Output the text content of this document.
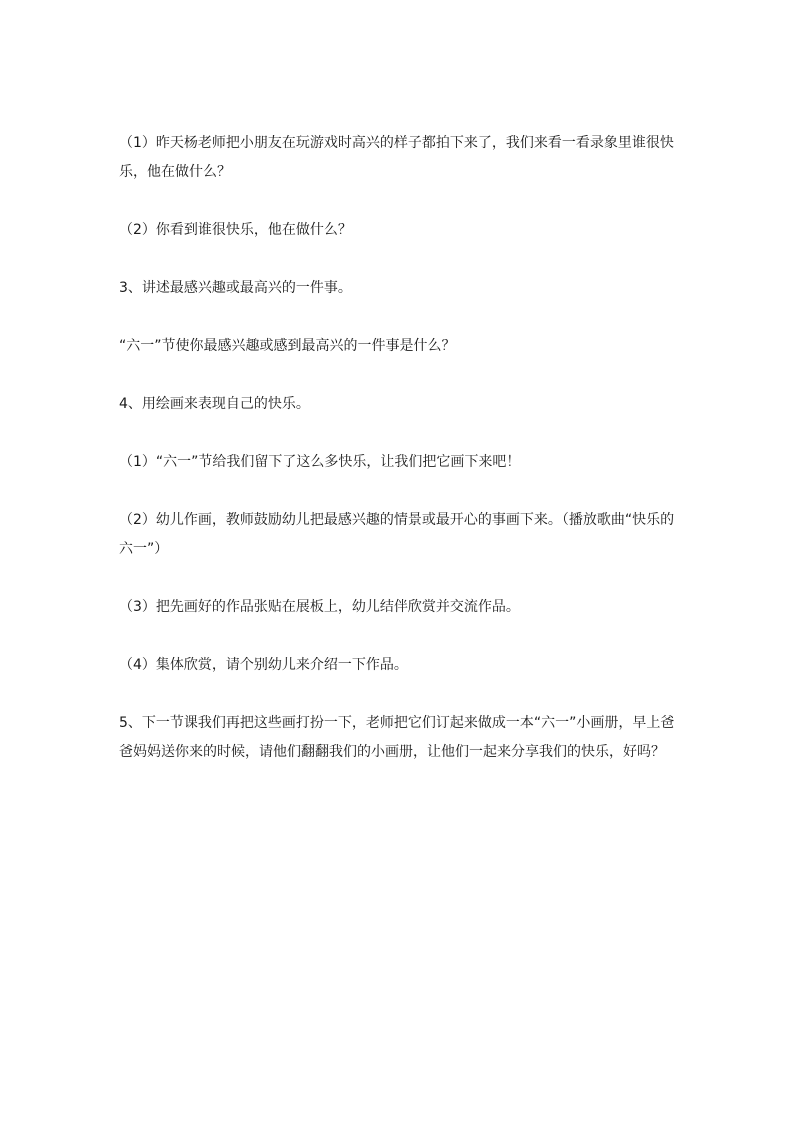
（1）昨天杨老师把小朋友在玩游戏时高兴的样子都拍下来了，我们来看一看录象里谁很快乐，他在做什么？

（2）你看到谁很快乐，他在做什么？

3、讲述最感兴趣或最高兴的一件事。

“六一”节使你最感兴趣或感到最高兴的一件事是什么？

4、用绘画来表现自己的快乐。

（1）“六一”节给我们留下了这么多快乐，让我们把它画下来吧！

（2）幼儿作画，教师鼓励幼儿把最感兴趣的情景或最开心的事画下来。（播放歌曲“快乐的六一”）

（3）把先画好的作品张贴在展板上，幼儿结伴欣赏并交流作品。

（4）集体欣赏，请个别幼儿来介绍一下作品。

5、下一节课我们再把这些画打扮一下，老师把它们订起来做成一本“六一”小画册，早上爸爸妈妈送你来的时候，请他们翻翻我们的小画册，让他们一起来分享我们的快乐，好吗？
